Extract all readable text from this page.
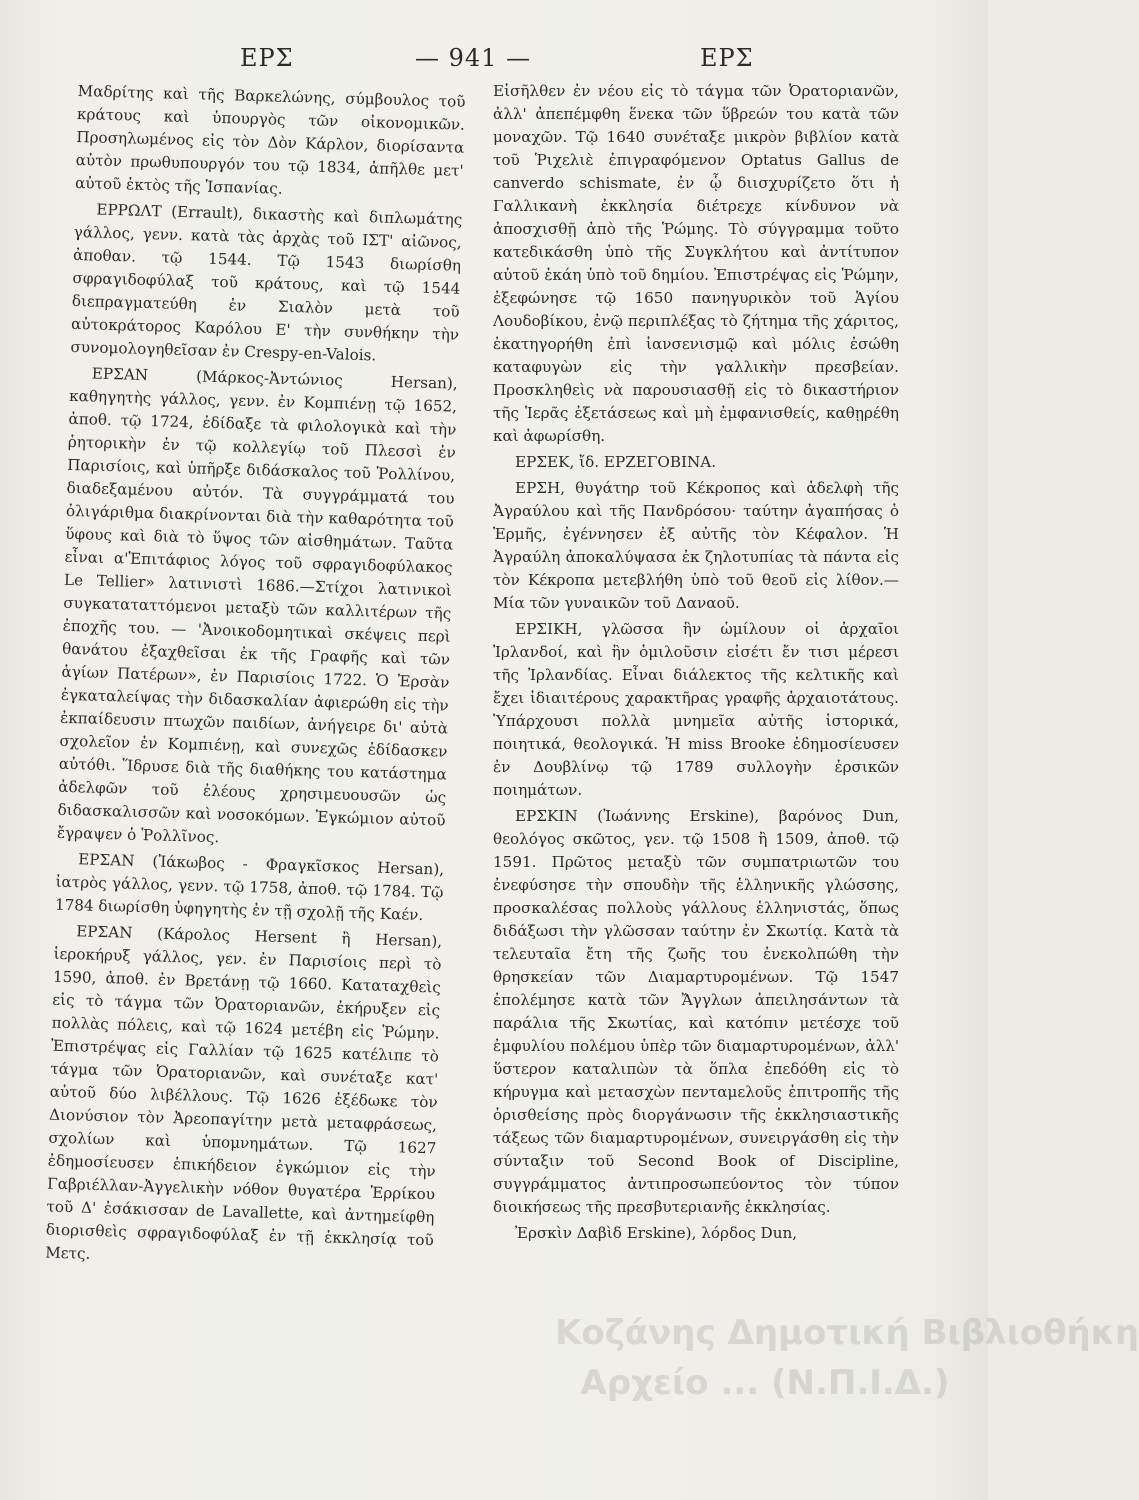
ΕΡΣ	— 941 —	ΕΡΣ

Μαδρίτης καὶ τῆς Βαρκελώνης, σύμβουλος τοῦ κράτους καὶ ὑπουργὸς τῶν οἰκονομικῶν. Προσηλωμένος εἰς τὸν Δὸν Κάρλον, διορίσαντα αὐτὸν πρωθυπουργόν του τῷ 1834, ἀπῆλθε μετ' αὐτοῦ ἐκτὸς τῆς Ἱσπανίας.

ΕΡΡΩΛΤ (Errault), δικαστὴς καὶ διπλωμάτης γάλλος, γενν. κατὰ τὰς ἀρχὰς τοῦ ΙΣΤ' αἰῶνος, ἀποθαν. τῷ 1544. Τῷ 1543 διωρίσθη σφραγιδοφύλαξ τοῦ κράτους, καὶ τῷ 1544 διεπραγματεύθη ἐν Σιαλὸν μετὰ τοῦ αὐτοκράτορος Καρόλου Ε' τὴν συνθήκην τὴν συνομολογηθεῖσαν ἐν Crespy-en-Valois.

ΕΡΣΑΝ (Μάρκος-Ἀντώνιος Hersan), καθηγητὴς γάλλος, γενν. ἐν Κομπιένῃ τῷ 1652, ἀποθ. τῷ 1724, ἐδίδαξε τὰ φιλολογικὰ καὶ τὴν ῥητορικὴν ἐν τῷ κολλεγίῳ τοῦ Πλεσσὶ ἐν Παρισίοις, καὶ ὑπῆρξε διδάσκαλος τοῦ Ῥολλίνου, διαδεξαμένου αὐτόν. Τὰ συγγράμματά του ὀλιγάριθμα διακρίνονται διὰ τὴν καθαρότητα τοῦ ὕφους καὶ διὰ τὸ ὕψος τῶν αἰσθημάτων. Ταῦτα εἶναι α'Ἐπιτάφιος λόγος τοῦ σφραγιδοφύλακος Le Tellier» λατινιστὶ 1686.—Στίχοι λατινικοὶ συγκαταταττόμενοι μεταξὺ τῶν καλλιτέρων τῆς ἐποχῆς του. — 'Ἀνοικοδομητικαὶ σκέψεις περὶ θανάτου ἐξαχθεῖσαι ἐκ τῆς Γραφῆς καὶ τῶν ἁγίων Πατέρων», ἐν Παρισίοις 1722. Ὁ Ἐρσὰν ἐγκαταλείψας τὴν διδασκαλίαν ἀφιερώθη εἰς τὴν ἐκπαίδευσιν πτωχῶν παιδίων, ἀνήγειρε δι' αὐτὰ σχολεῖον ἐν Κομπιένῃ, καὶ συνεχῶς ἐδίδασκεν αὐτόθι. Ἵδρυσε διὰ τῆς διαθήκης του κατάστημα ἀδελφῶν τοῦ ἐλέους χρησιμευουσῶν ὡς διδασκαλισσῶν καὶ νοσοκόμων. Ἐγκώμιον αὐτοῦ ἔγραψεν ὁ Ῥολλῖνος.

ΕΡΣΑΝ (Ἰάκωβος - Φραγκῖσκος Hersan), ἰατρὸς γάλλος, γενν. τῷ 1758, ἀποθ. τῷ 1784. Τῷ 1784 διωρίσθη ὑφηγητὴς ἐν τῇ σχολῇ τῆς Καέν.

ΕΡΣΑΝ (Κάρολος Hersent ἢ Hersan), ἱεροκήρυξ γάλλος, γεν. ἐν Παρισίοις περὶ τὸ 1590, ἀποθ. ἐν Βρετάνῃ τῷ 1660. Καταταχθεὶς εἰς τὸ τάγμα τῶν Ὀρατοριανῶν, ἐκήρυξεν εἰς πολλὰς πόλεις, καὶ τῷ 1624 μετέβη εἰς Ῥώμην. Ἐπιστρέψας εἰς Γαλλίαν τῷ 1625 κατέλιπε τὸ τάγμα τῶν Ὀρατοριανῶν, καὶ συνέταξε κατ' αὐτοῦ δύο λιβέλλους. Τῷ 1626 ἐξέδωκε τὸν Διονύσιον τὸν Ἀρεοπαγίτην μετὰ μεταφράσεως, σχολίων καὶ ὑπομνημάτων. Τῷ 1627 ἐδημοσίευσεν ἐπικήδειον ἐγκώμιον εἰς τὴν Γαβριέλλαν-Ἀγγελικὴν νόθον θυγατέρα Ἐρρίκου τοῦ Δ' ἐσάκισσαν de Lavallette, καὶ ἀντημείφθη διορισθεὶς σφραγιδοφύλαξ ἐν τῇ ἐκκλησίᾳ τοῦ Μετς.

Εἰσῆλθεν ἐν νέου εἰς τὸ τάγμα τῶν Ὀρατοριανῶν, ἀλλ' ἀπεπέμφθη ἕνεκα τῶν ὕβρεών του κατὰ τῶν μοναχῶν. Τῷ 1640 συνέταξε μικρὸν βιβλίον κατὰ τοῦ Ῥιχελιὲ ἐπιγραφόμενον Optatus Gallus de canverdo schismate, ἐν ᾧ διισχυρίζετο ὅτι ἡ Γαλλικανὴ ἐκκλησία διέτρεχε κίνδυνον νὰ ἀποσχισθῇ ἀπὸ τῆς Ῥώμης. Τὸ σύγγραμμα τοῦτο κατεδικάσθη ὑπὸ τῆς Συγκλήτου καὶ ἀντίτυπον αὐτοῦ ἐκάη ὑπὸ τοῦ δημίου. Ἐπιστρέψας εἰς Ῥώμην, ἐξεφώνησε τῷ 1650 πανηγυρικὸν τοῦ Ἁγίου Λουδοβίκου, ἐνῷ περιπλέξας τὸ ζήτημα τῆς χάριτος, ἐκατηγορήθη ἐπὶ ἰανσενισμῷ καὶ μόλις ἐσώθη καταφυγὼν εἰς τὴν γαλλικὴν πρεσβείαν. Προσκληθεὶς νὰ παρουσιασθῇ εἰς τὸ δικαστήριον τῆς Ἱερᾶς ἐξετάσεως καὶ μὴ ἐμφανισθείς, καθῃρέθη καὶ ἀφωρίσθη.

ΕΡΣΕΚ, ἴδ. ΕΡΖΕΓΟΒΙΝΑ.

ΕΡΣΗ, θυγάτηρ τοῦ Κέκροπος καὶ ἀδελφὴ τῆς Ἀγραύλου καὶ τῆς Πανδρόσου· ταύτην ἀγαπήσας ὁ Ἑρμῆς, ἐγέννησεν ἐξ αὐτῆς τὸν Κέφαλον. Ἡ Ἀγραύλη ἀποκαλύψασα ἐκ ζηλοτυπίας τὰ πάντα εἰς τὸν Κέκροπα μετεβλήθη ὑπὸ τοῦ θεοῦ εἰς λίθον.—Μία τῶν γυναικῶν τοῦ Δαναοῦ.

ΕΡΣΙΚΗ, γλῶσσα ἣν ὡμίλουν οἱ ἀρχαῖοι Ἰρλανδοί, καὶ ἣν ὁμιλοῦσιν εἰσέτι ἔν τισι μέρεσι τῆς Ἰρλανδίας. Εἶναι διάλεκτος τῆς κελτικῆς καὶ ἔχει ἰδιαιτέρους χαρακτῆρας γραφῆς ἀρχαιοτάτους. Ὑπάρχουσι πολλὰ μνημεῖα αὐτῆς ἱστορικά, ποιητικά, θεολογικά. Ἡ miss Brooke ἐδημοσίευσεν ἐν Δουβλίνῳ τῷ 1789 συλλογὴν ἐρσικῶν ποιημάτων.

ΕΡΣΚΙΝ (Ἰωάννης Erskine), βαρόνος Dun, θεολόγος σκῶτος, γεν. τῷ 1508 ἢ 1509, ἀποθ. τῷ 1591. Πρῶτος μεταξὺ τῶν συμπατριωτῶν του ἐνεφύσησε τὴν σπουδὴν τῆς ἑλληνικῆς γλώσσης, προσκαλέσας πολλοὺς γάλλους ἑλληνιστάς, ὅπως διδάξωσι τὴν γλῶσσαν ταύτην ἐν Σκωτίᾳ. Κατὰ τὰ τελευταῖα ἔτη τῆς ζωῆς του ἐνεκολπώθη τὴν θρησκείαν τῶν Διαμαρτυρομένων. Τῷ 1547 ἐπολέμησε κατὰ τῶν Ἄγγλων ἀπειλησάντων τὰ παράλια τῆς Σκωτίας, καὶ κατόπιν μετέσχε τοῦ ἐμφυλίου πολέμου ὑπὲρ τῶν διαμαρτυρομένων, ἀλλ' ὕστερον καταλιπὼν τὰ ὅπλα ἐπεδόθη εἰς τὸ κήρυγμα καὶ μετασχὼν πενταμελοῦς ἐπιτροπῆς τῆς ὁρισθείσης πρὸς διοργάνωσιν τῆς ἐκκλησιαστικῆς τάξεως τῶν διαμαρτυρομένων, συνειργάσθη εἰς τὴν σύνταξιν τοῦ Second Book of Discipline, συγγράμματος ἀντιπροσωπεύοντος τὸν τύπον διοικήσεως τῆς πρεσβυτεριανῆς ἐκκλησίας.

Ἐρσκὶν Δαβὶδ Erskine), λόρδος Dun,

Κοζάνης Δημοτική Βιβλιοθήκη
Αρχείο ... (Ν.Π.Ι.Δ.)
